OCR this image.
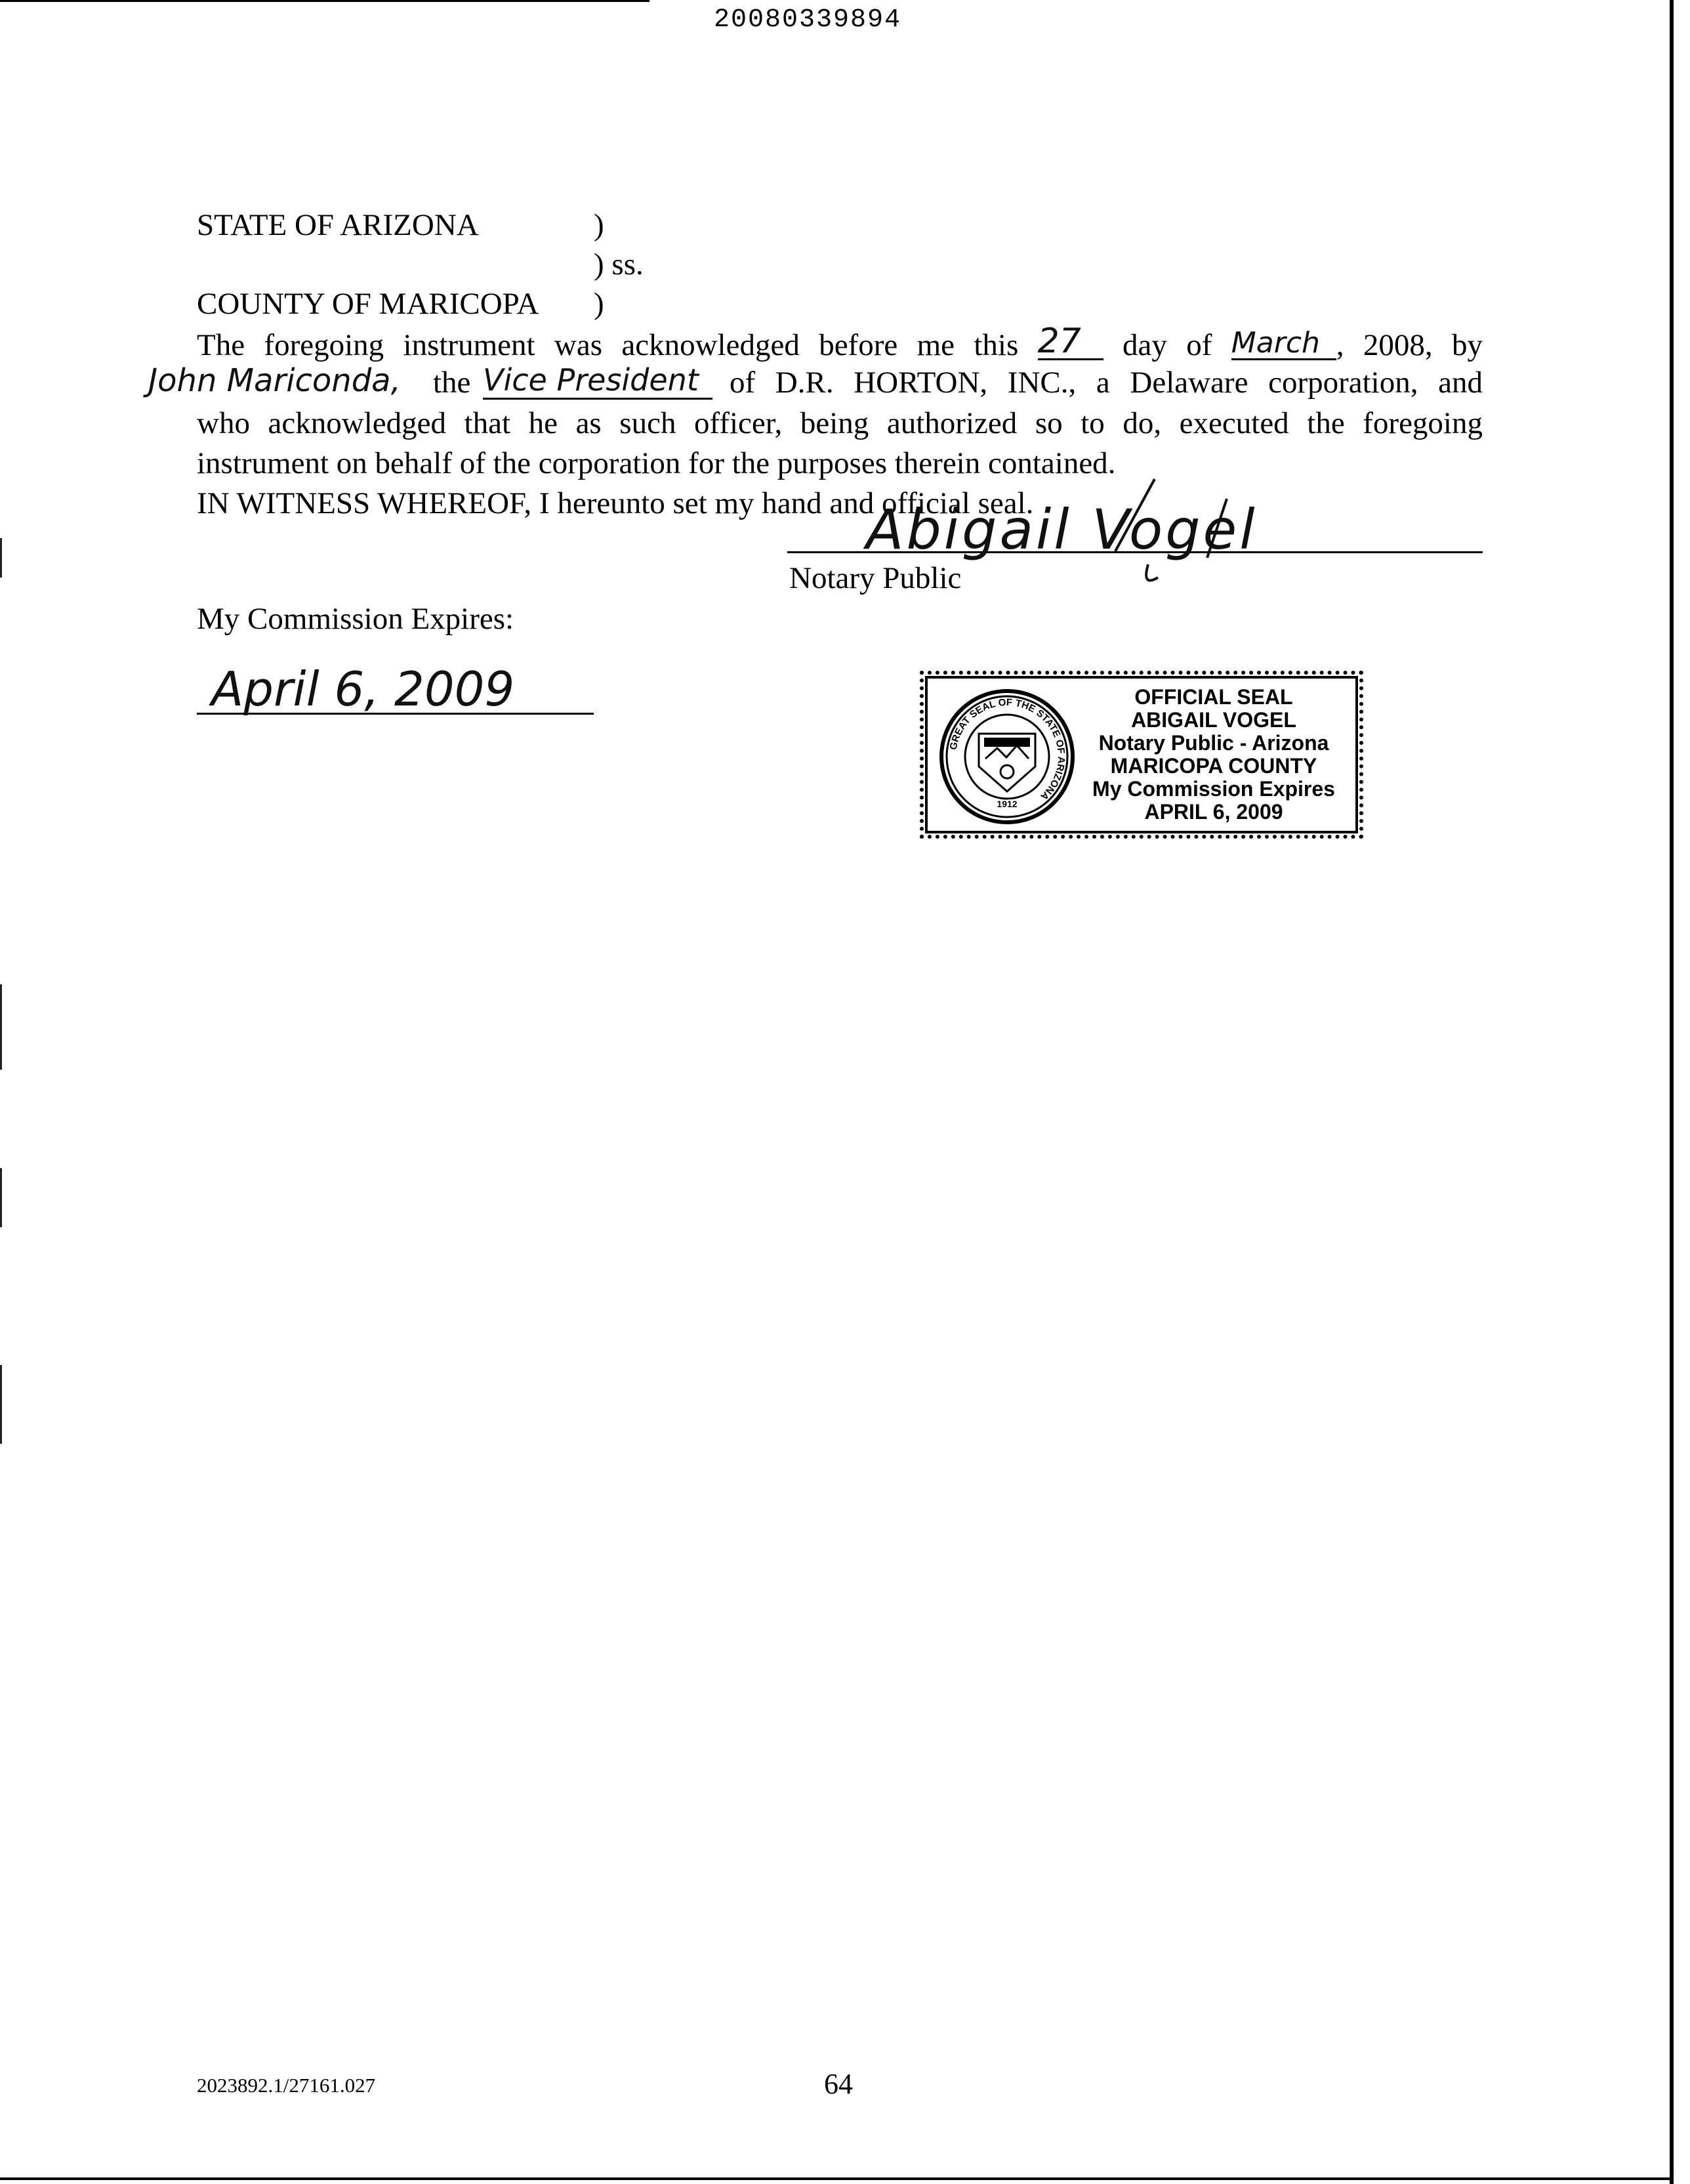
20080339894
STATE OF ARIZONA	)
) ss.
COUNTY OF MARICOPA )
The foregoing instrument was acknowledged before me this 27 day of March , 2008, by
John Mariconda, the Vice President	of D.R. HORTON, INC., a Delaware corporation, and
who acknowledged that he as such officer, being authorized so to do, executed the foregoing
instrument on behalf of the corporation for the purposes therein contained.
IN WITNESS WHEREOF, I hereunto set my hand and official seal.
Abigail Vogel
Notary Public
My Commission Expires:
April 6, 2009
GREAT SEAL OF THE STATE OF ARIZONA
1912
OFFICIAL SEAL
ABIGAIL VOGEL
Notary Public - Arizona
MARICOPA COUNTY
My Commission Expires
APRIL 6, 2009
2023892.1/27161.027	64
